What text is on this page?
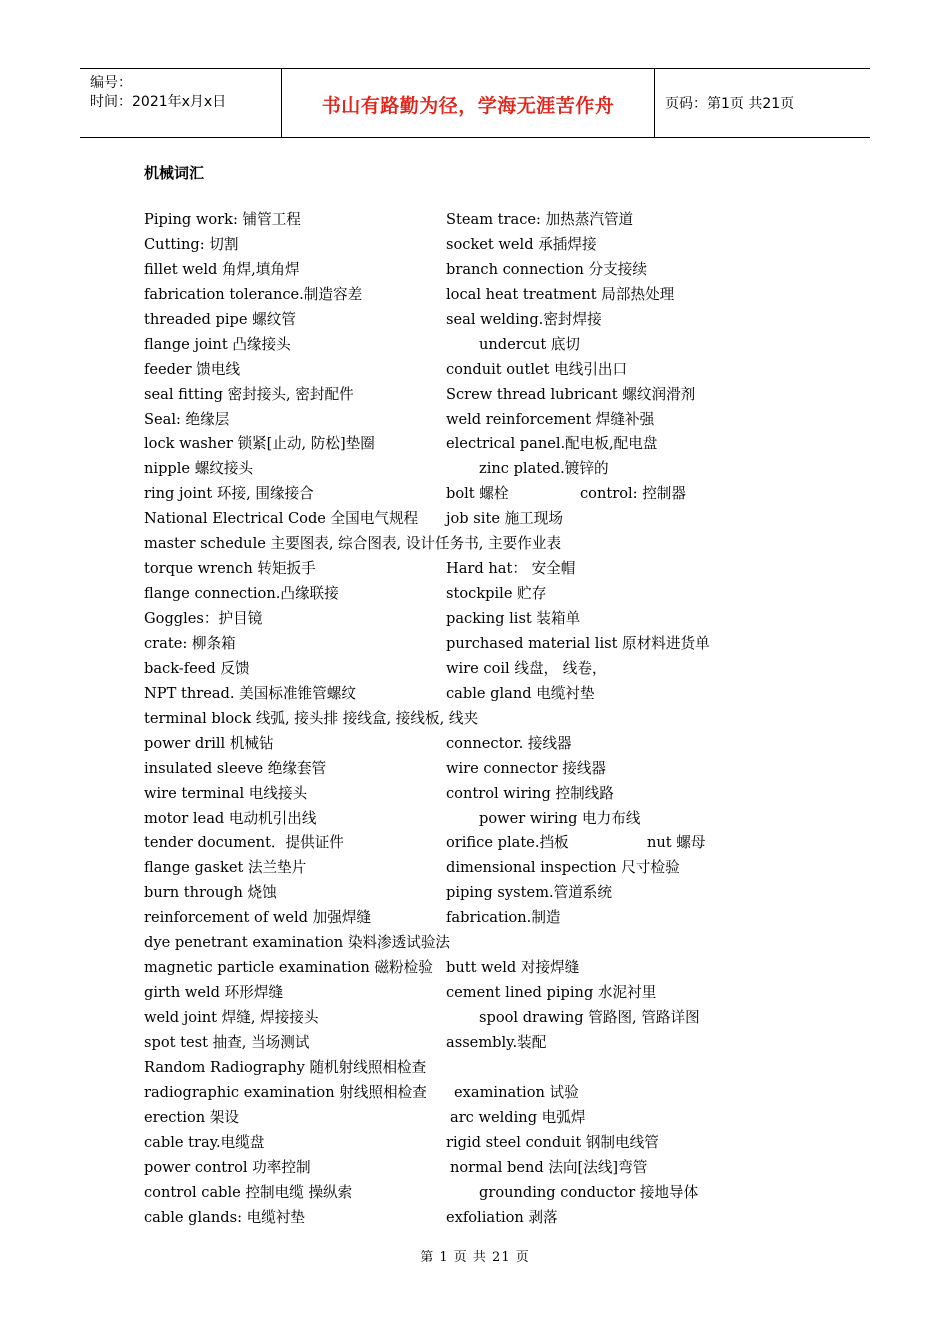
编号：
时间：2021年x月x日	书山有路勤为径，学海无涯苦作舟	页码：第1页 共21页
机械词汇
Piping work: 铺管工程	Steam trace: 加热蒸汽管道
Cutting: 切割	socket weld 承插焊接
fillet weld 角焊,填角焊	branch connection 分支接续
fabrication tolerance.制造容差	local heat treatment 局部热处理
threaded pipe 螺纹管	seal welding.密封焊接
flange joint 凸缘接头	undercut 底切
feeder 馈电线	conduit outlet 电线引出口
seal fitting 密封接头, 密封配件	Screw thread lubricant 螺纹润滑剂
Seal: 绝缘层	weld reinforcement 焊缝补强
lock washer 锁紧[止动, 防松]垫圈	electrical panel.配电板,配电盘
nipple 螺纹接头	zinc plated.镀锌的
ring joint 环接, 围缘接合	bolt 螺栓	control: 控制器
National Electrical Code 全国电气规程 job site 施工现场
master schedule 主要图表, 综合图表, 设计任务书, 主要作业表
torque wrench 转矩扳手	Hard hat： 安全帽
flange connection.凸缘联接	stockpile 贮存
Goggles：护目镜	packing list 装箱单
crate: 柳条箱	purchased material list 原材料进货单
back-feed 反馈	wire coil 线盘， 线卷，
NPT thread. 美国标准锥管螺纹	cable gland 电缆衬垫
terminal block 线弧, 接头排 接线盒, 接线板, 线夹
power drill 机械钻	connector. 接线器
insulated sleeve 绝缘套管	wire connector 接线器
wire terminal 电线接头	control wiring 控制线路
motor lead 电动机引出线	power wiring 电力布线
tender document．提供证件	orifice plate.挡板	nut 螺母
flange gasket 法兰垫片	dimensional inspection 尺寸检验
burn through 烧蚀	piping system.管道系统
reinforcement of weld 加强焊缝	fabrication.制造
dye penetrant examination 染料渗透试验法
magnetic particle examination 磁粉检验 butt weld 对接焊缝
girth weld 环形焊缝	cement lined piping 水泥衬里
weld joint 焊缝, 焊接接头	spool drawing 管路图, 管路详图
spot test 抽查, 当场测试	assembly.装配
Random Radiography 随机射线照相检查
radiographic examination 射线照相检查 examination 试验
erection 架设	arc welding 电弧焊
cable tray.电缆盘	rigid steel conduit 钢制电线管
power control 功率控制	normal bend 法向[法线]弯管
control cable 控制电缆 操纵索	grounding conductor 接地导体
cable glands: 电缆衬垫	exfoliation 剥落
第 1 页 共 21 页
